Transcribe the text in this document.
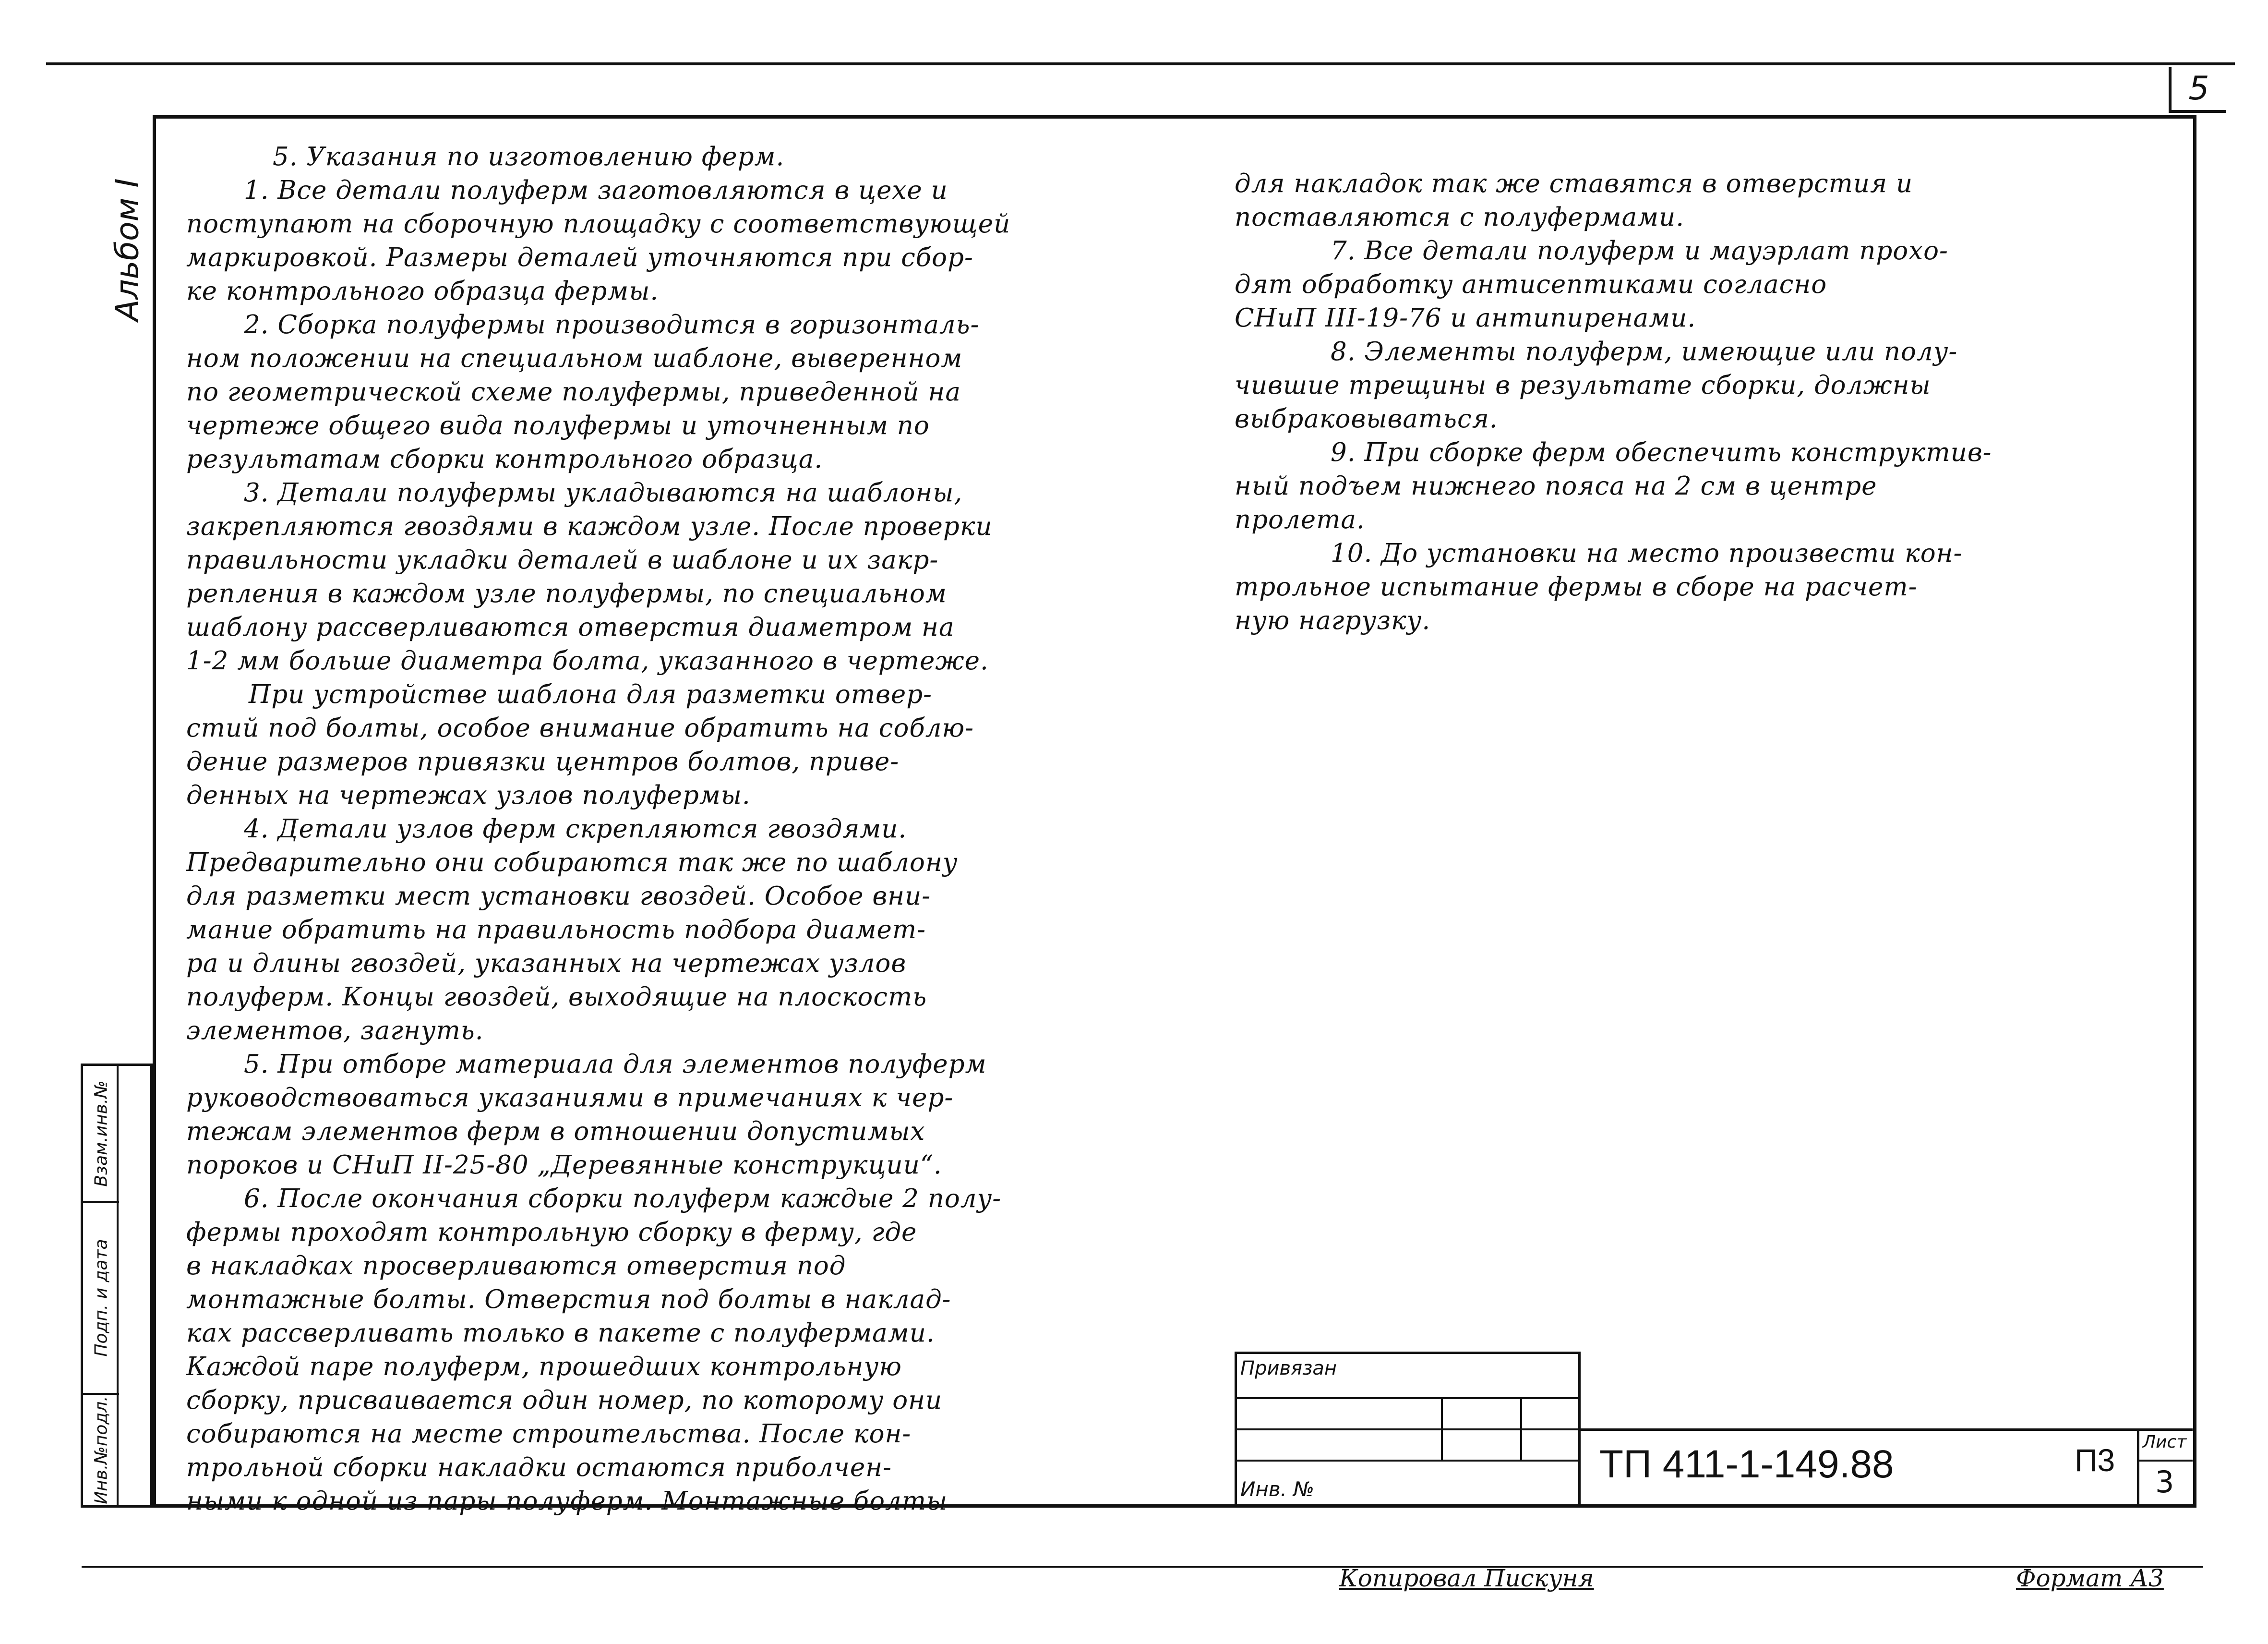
5
Альбом I
Взам.инв.№
Подп. и дата
Инв.№подл.

5. Указания по изготовлению ферм.

1. Все детали полуферм заготовляются в цехе и

поступают на сборочную площадку с соответствующей

маркировкой. Размеры деталей уточняются при сбор-

ке контрольного образца фермы.

2. Сборка полуфермы производится в горизонталь-

ном положении на специальном шаблоне, выверенном

по геометрической схеме полуфермы, приведенной на

чертеже общего вида полуфермы и уточненным по

результатам сборки контрольного образца.

3. Детали полуфермы укладываются на шаблоны,

закрепляются гвоздями в каждом узле. После проверки

правильности укладки деталей в шаблоне и их закр-

репления в каждом узле полуфермы, по специальном

шаблону рассверливаются отверстия диаметром на

1-2 мм больше диаметра болта, указанного в чертеже.

При устройстве шаблона для разметки отвер-

стий под болты, особое внимание обратить на соблю-

дение размеров привязки центров болтов, приве-

денных на чертежах узлов полуфермы.

4. Детали узлов ферм скрепляются гвоздями.

Предварительно они собираются так же по шаблону

для разметки мест установки гвоздей. Особое вни-

мание обратить на правильность подбора диамет-

ра и длины гвоздей, указанных на чертежах узлов

полуферм. Концы гвоздей, выходящие на плоскость

элементов, загнуть.

5. При отборе материала для элементов полуферм

руководствоваться указаниями в примечаниях к чер-

тежам элементов ферм в отношении допустимых

пороков и СНиП II-25-80 „Деревянные конструкции“.

6. После окончания сборки полуферм каждые 2 полу-

фермы проходят контрольную сборку в ферму, где

в накладках просверливаются отверстия под

монтажные болты. Отверстия под болты в наклад-

ках рассверливать только в пакете с полуфермами.

Каждой паре полуферм, прошедших контрольную

сборку, присваивается один номер, по которому они

собираются на месте строительства. После кон-

трольной сборки накладки остаются приболчен-

ными к одной из пары полуферм. Монтажные болты

для накладок так же ставятся в отверстия и

поставляются с полуфермами.

7. Все детали полуферм и мауэрлат прохо-

дят обработку антисептиками согласно

СНиП III-19-76 и антипиренами.

8. Элементы полуферм, имеющие или полу-

чившие трещины в результате сборки, должны

выбраковываться.

9. При сборке ферм обеспечить конструктив-

ный подъем нижнего пояса на 2 см в центре

пролета.

10. До установки на место произвести кон-

трольное испытание фермы в сборе на расчет-

ную нагрузку.

Привязан
Инв. №
ТП 411-1-149.88	П3
Лист
3
Копировал Пискуня	Формат А3
